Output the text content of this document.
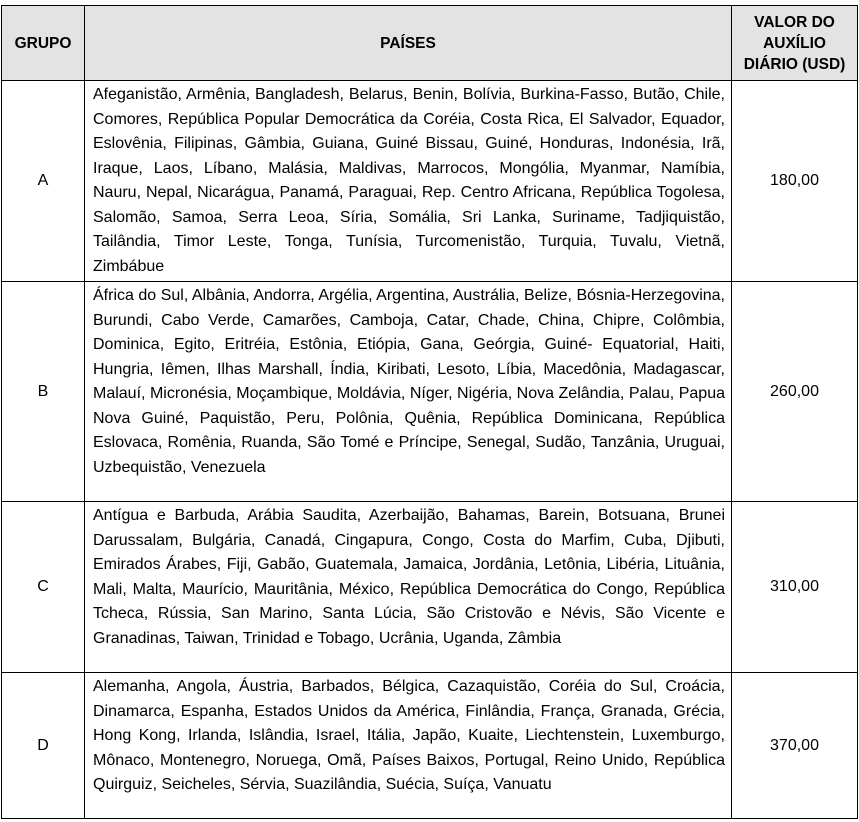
GRUPO	PAÍSES	VALOR DO
AUXÍLIO
DIÁRIO (USD)

A	Afeganistão, Armênia, Bangladesh, Belarus, Benin, Bolívia, Burkina-Fasso, Butão, Chile, Comores, República Popular Democrática da Coréia, Costa Rica, El Salvador, Equador, Eslovênia, Filipinas, Gâmbia, Guiana, Guiné Bissau, Guiné, Honduras, Indonésia, Irã, Iraque, Laos, Líbano, Malásia, Maldivas, Marrocos, Mongólia, Myanmar, Namíbia, Nauru, Nepal, Nicarágua, Panamá, Paraguai, Rep. Centro Africana, República Togolesa, Salomão, Samoa, Serra Leoa, Síria, Somália, Sri Lanka, Suriname, Tadjiquistão, Tailândia, Timor Leste, Tonga, Tunísia, Turcomenistão, Turquia, Tuvalu, Vietnã, Zimbábue	180,00
B	África do Sul, Albânia, Andorra, Argélia, Argentina, Austrália, Belize, Bósnia-Herzegovina, Burundi, Cabo Verde, Camarões, Camboja, Catar, Chade, China, Chipre, Colômbia, Dominica, Egito, Eritréia, Estônia, Etiópia, Gana, Geórgia, Guiné- Equatorial, Haiti, Hungria, Iêmen, Ilhas Marshall, Índia, Kiribati, Lesoto, Líbia, Macedônia, Madagascar, Malauí, Micronésia, Moçambique, Moldávia, Níger, Nigéria, Nova Zelândia, Palau, Papua Nova Guiné, Paquistão, Peru, Polônia, Quênia, República Dominicana, República Eslovaca, Romênia, Ruanda, São Tomé e Príncipe, Senegal, Sudão, Tanzânia, Uruguai, Uzbequistão, Venezuela	260,00
C	Antígua e Barbuda, Arábia Saudita, Azerbaijão, Bahamas, Barein, Botsuana, Brunei Darussalam, Bulgária, Canadá, Cingapura, Congo, Costa do Marfim, Cuba, Djibuti, Emirados Árabes, Fiji, Gabão, Guatemala, Jamaica, Jordânia, Letônia, Libéria, Lituânia, Mali, Malta, Maurício, Mauritânia, México, República Democrática do Congo, República Tcheca, Rússia, San Marino, Santa Lúcia, São Cristovão e Névis, São Vicente e Granadinas, Taiwan, Trinidad e Tobago, Ucrânia, Uganda, Zâmbia	310,00
D	Alemanha, Angola, Áustria, Barbados, Bélgica, Cazaquistão, Coréia do Sul, Croácia, Dinamarca, Espanha, Estados Unidos da América, Finlândia, França, Granada, Grécia, Hong Kong, Irlanda, Islândia, Israel, Itália, Japão, Kuaite, Liechtenstein, Luxemburgo, Mônaco, Montenegro, Noruega, Omã, Países Baixos, Portugal, Reino Unido, República Quirguiz, Seicheles, Sérvia, Suazilândia, Suécia, Suíça, Vanuatu	370,00
